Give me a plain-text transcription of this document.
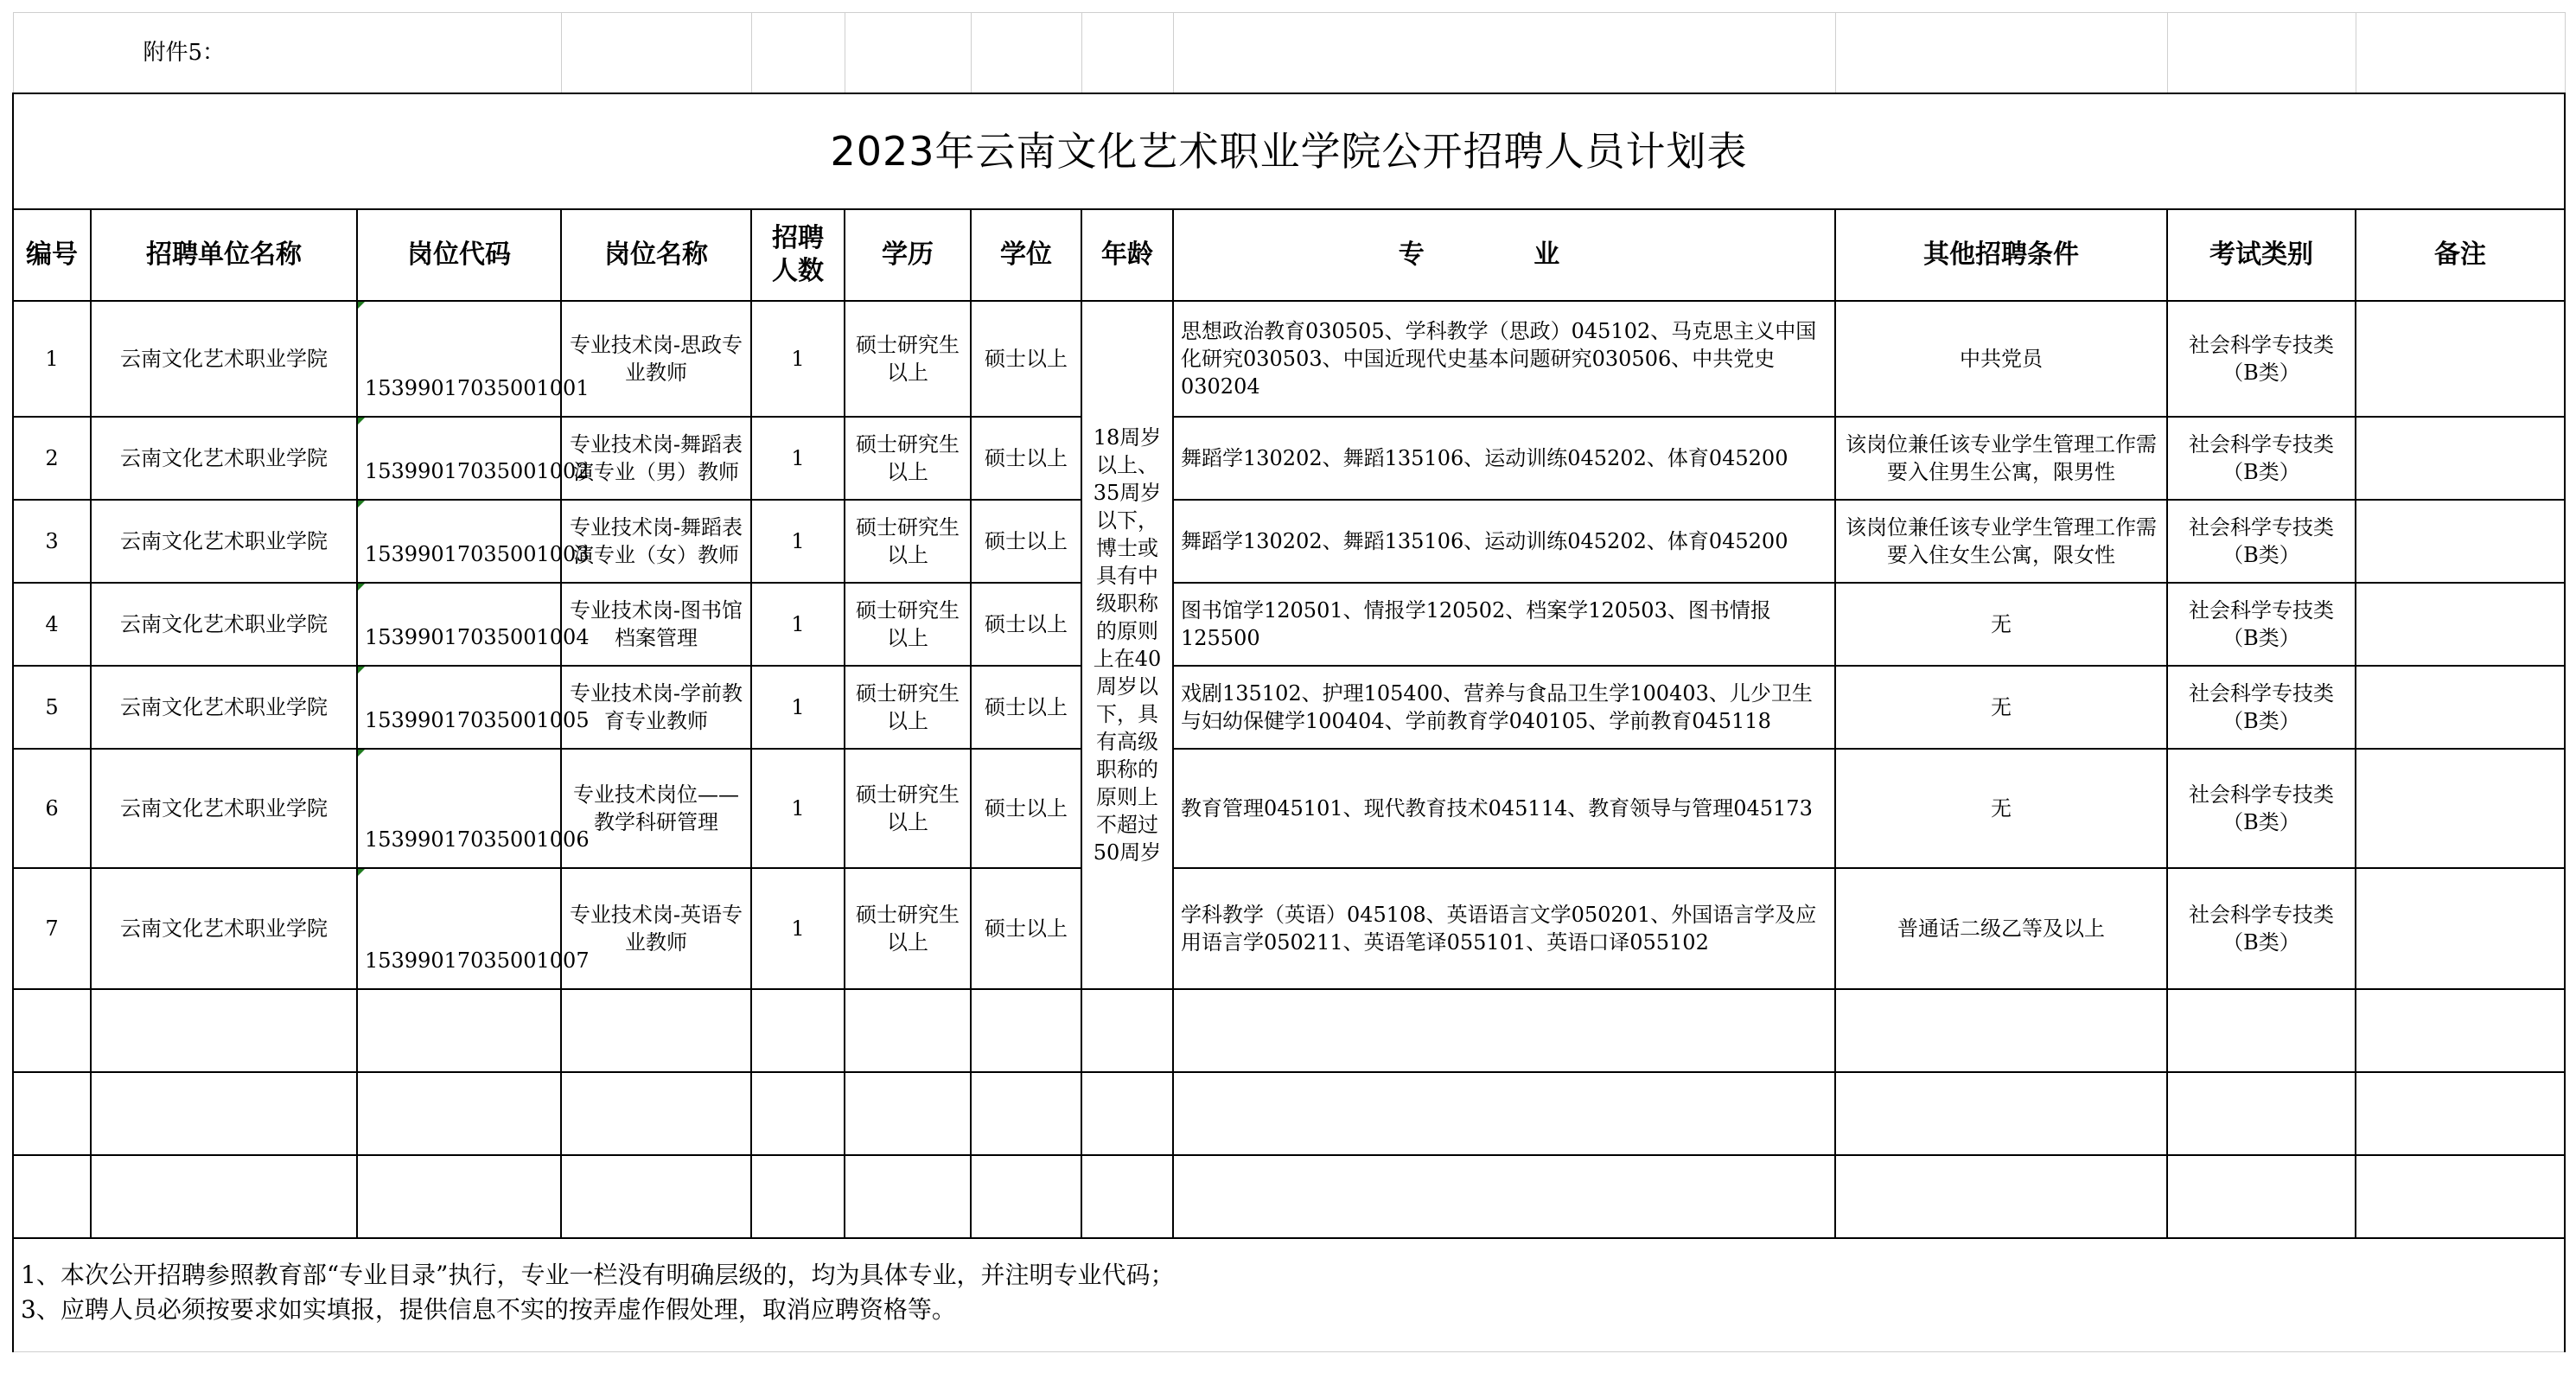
附件5：											
2023年云南文化艺术职业学院公开招聘人员计划表											
编号	招聘单位名称	岗位代码	岗位名称	招聘人数	学历	学位	年龄	专 业	其他招聘条件	考试类别	备注
1	云南文化艺术职业学院	15399017035001001	专业技术岗-思政专业教师	1	硕士研究生以上	硕士以上	18周岁以上、35周岁以下，博士或具有中级职称的原则上在40周岁以下，具有高级职称的原则上不超过50周岁	思想政治教育030505、学科教学（思政）045102、马克思主义中国化研究030503、中国近现代史基本问题研究030506、中共党史030204	中共党员	社会科学专技类（B类）	
2	云南文化艺术职业学院	15399017035001002	专业技术岗-舞蹈表演专业（男）教师	1	硕士研究生以上	硕士以上		舞蹈学130202、舞蹈135106、运动训练045202、体育045200	该岗位兼任该专业学生管理工作需要入住男生公寓，限男性	社会科学专技类（B类）	
3	云南文化艺术职业学院	15399017035001003	专业技术岗-舞蹈表演专业（女）教师	1	硕士研究生以上	硕士以上		舞蹈学130202、舞蹈135106、运动训练045202、体育045200	该岗位兼任该专业学生管理工作需要入住女生公寓，限女性	社会科学专技类（B类）	
4	云南文化艺术职业学院	15399017035001004	专业技术岗-图书馆档案管理	1	硕士研究生以上	硕士以上		图书馆学120501、情报学120502、档案学120503、图书情报125500	无	社会科学专技类（B类）	
5	云南文化艺术职业学院	15399017035001005	专业技术岗-学前教育专业教师	1	硕士研究生以上	硕士以上		戏剧135102、护理105400、营养与食品卫生学100403、儿少卫生与妇幼保健学100404、学前教育学040105、学前教育045118	无	社会科学专技类（B类）	
6	云南文化艺术职业学院	15399017035001006	专业技术岗位——教学科研管理	1	硕士研究生以上	硕士以上		教育管理045101、现代教育技术045114、教育领导与管理045173	无	社会科学专技类（B类）	
7	云南文化艺术职业学院	15399017035001007	专业技术岗-英语专业教师	1	硕士研究生以上	硕士以上		学科教学（英语）045108、英语语言文学050201、外国语言学及应用语言学050211、英语笔译055101、英语口译055102	普通话二级乙等及以上	社会科学专技类（B类）	

1、本次公开招聘参照教育部“专业目录”执行，专业一栏没有明确层级的，均为具体专业，并注明专业代码；
3、应聘人员必须按要求如实填报，提供信息不实的按弄虚作假处理，取消应聘资格等。											
